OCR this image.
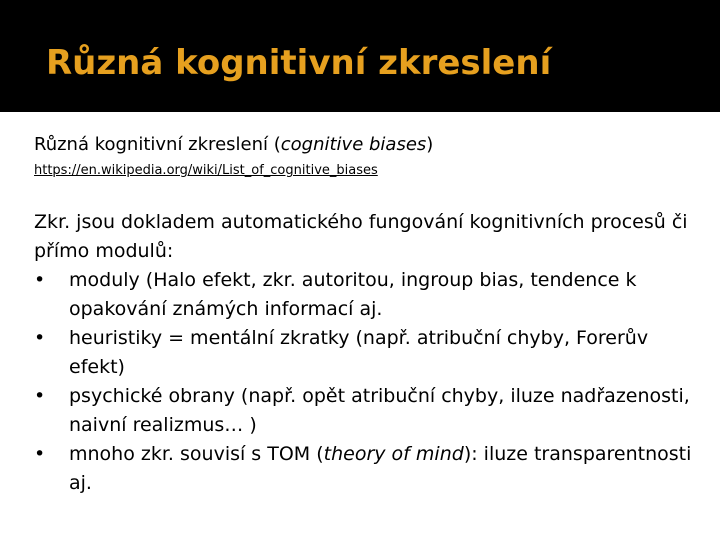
Různá kognitivní zkreslení
Různá kognitivní zkreslení (cognitive biases)
https://en.wikipedia.org/wiki/List_of_cognitive_biases
Zkr. jsou dokladem automatického fungování kognitivních procesů či přímo modulů:
•	moduly (Halo efekt, zkr. autoritou, ingroup bias, tendence k opakování známých informací aj.
•	heuristiky = mentální zkratky (např. atribuční chyby, Forerův efekt)
•	psychické obrany (např. opět atribuční chyby, iluze nadřazenosti, naivní realizmus… )
•	mnoho zkr. souvisí s TOM (theory of mind): iluze transparentnosti aj.
